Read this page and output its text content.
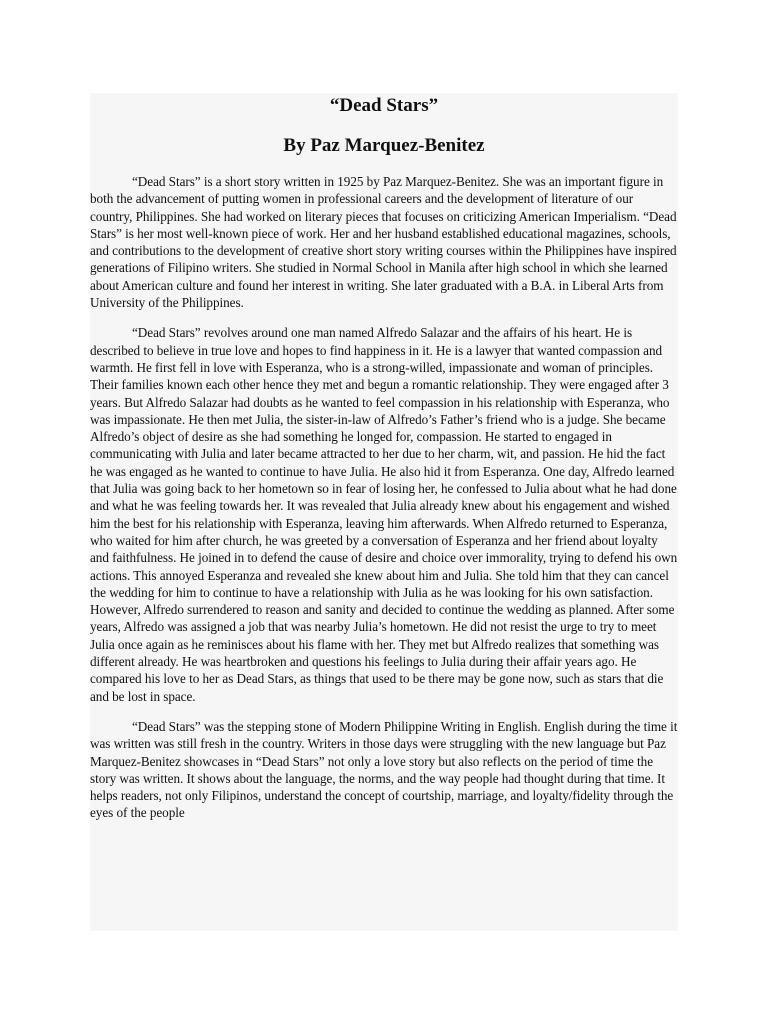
“Dead Stars”
By Paz Marquez-Benitez

“Dead Stars” is a short story written in 1925 by Paz Marquez-Benitez. She was an important figure in both the advancement of putting women in professional careers and the development of literature of our country, Philippines. She had worked on literary pieces that focuses on criticizing American Imperialism. “Dead Stars” is her most well-known piece of work. Her and her husband established educational magazines, schools, and contributions to the development of creative short story writing courses within the Philippines have inspired generations of Filipino writers. She studied in Normal School in Manila after high school in which she learned about American culture and found her interest in writing. She later graduated with a B.A. in Liberal Arts from University of the Philippines.

“Dead Stars” revolves around one man named Alfredo Salazar and the affairs of his heart. He is described to believe in true love and hopes to find happiness in it. He is a lawyer that wanted compassion and warmth. He first fell in love with Esperanza, who is a strong-willed, impassionate and woman of principles. Their families known each other hence they met and begun a romantic relationship. They were engaged after 3 years. But Alfredo Salazar had doubts as he wanted to feel compassion in his relationship with Esperanza, who was impassionate. He then met Julia, the sister-in-law of Alfredo’s Father’s friend who is a judge. She became Alfredo’s object of desire as she had something he longed for, compassion. He started to engaged in communicating with Julia and later became attracted to her due to her charm, wit, and passion. He hid the fact he was engaged as he wanted to continue to have Julia. He also hid it from Esperanza. One day, Alfredo learned that Julia was going back to her hometown so in fear of losing her, he confessed to Julia about what he had done and what he was feeling towards her. It was revealed that Julia already knew about his engagement and wished him the best for his relationship with Esperanza, leaving him afterwards. When Alfredo returned to Esperanza, who waited for him after church, he was greeted by a conversation of Esperanza and her friend about loyalty and faithfulness. He joined in to defend the cause of desire and choice over immorality, trying to defend his own actions. This annoyed Esperanza and revealed she knew about him and Julia. She told him that they can cancel the wedding for him to continue to have a relationship with Julia as he was looking for his own satisfaction. However, Alfredo surrendered to reason and sanity and decided to continue the wedding as planned. After some years, Alfredo was assigned a job that was nearby Julia’s hometown. He did not resist the urge to try to meet Julia once again as he reminisces about his flame with her. They met but Alfredo realizes that something was different already. He was heartbroken and questions his feelings to Julia during their affair years ago. He compared his love to her as Dead Stars, as things that used to be there may be gone now, such as stars that die and be lost in space.

“Dead Stars” was the stepping stone of Modern Philippine Writing in English. English during the time it was written was still fresh in the country. Writers in those days were struggling with the new language but Paz Marquez-Benitez showcases in “Dead Stars” not only a love story but also reflects on the period of time the story was written. It shows about the language, the norms, and the way people had thought during that time. It helps readers, not only Filipinos, understand the concept of courtship, marriage, and loyalty/fidelity through the eyes of the people
